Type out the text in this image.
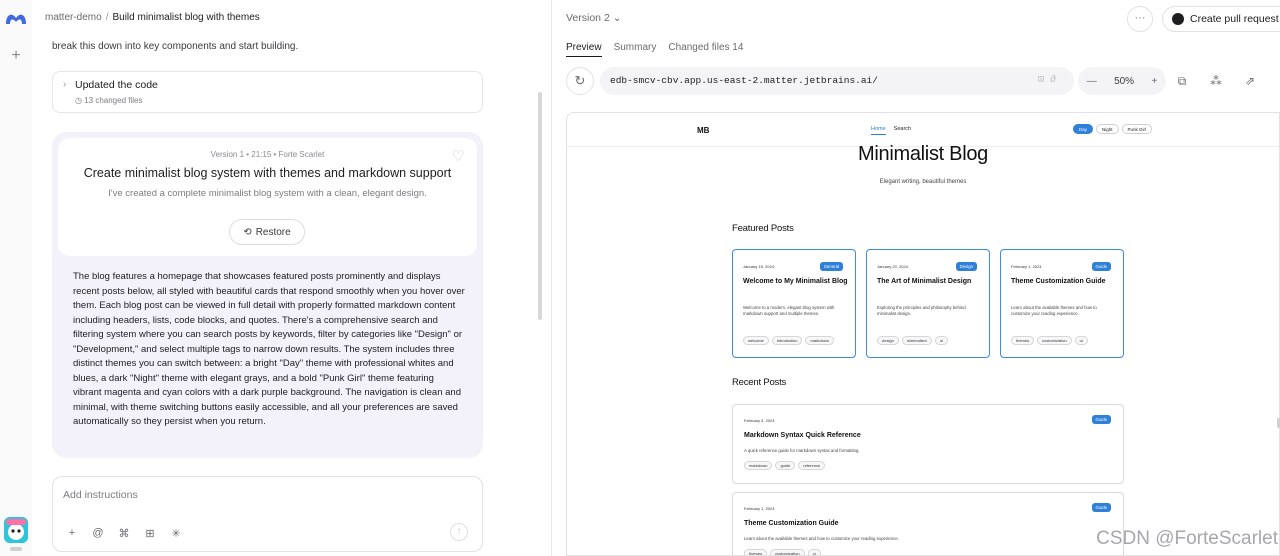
+
matter-demo / Build minimalist blog with themes
break this down into key components and start building.
› Updated the code
◷ 13 changed files
Version 1 • 21:15 • Forte Scarlet	♡
Create minimalist blog system with themes and markdown support
I've created a complete minimalist blog system with a clean, elegant design.
⟲ Restore
The blog features a homepage that showcases featured posts prominently and displays recent posts below, all styled with beautiful cards that respond smoothly when you hover over them. Each blog post can be viewed in full detail with properly formatted markdown content including headers, lists, code blocks, and quotes. There's a comprehensive search and filtering system where you can search posts by keywords, filter by categories like "Design" or "Development," and select multiple tags to narrow down results. The system includes three distinct themes you can switch between: a bright "Day" theme with professional whites and blues, a dark "Night" theme with elegant grays, and a bold "Punk Girl" theme featuring vibrant magenta and cyan colors with a dark purple background. The navigation is clean and minimal, with theme switching buttons easily accessible, and all your preferences are saved automatically so they persist when you return.
Add instructions
+	@ ⌘ ⊞ ✳	↑
Version 2 ⌄	···	Create pull request
Preview Summary Changed files 14
↻	edb-smcv-cbv.app.us-east-2.matter.jetbrains.ai/	⊡∂ — 50% +	⧉	⁂	⇗
MB	Home Search	Day	Night	Punk Girl
Minimalist Blog
Elegant writing, beautiful themes
Featured Posts
January 15, 2024	General
Welcome to My Minimalist Blog
Welcome to a modern, elegant blog system with markdown support and multiple themes.
welcome	introduction	markdown
January 20, 2024	Design
The Art of Minimalist Design
Exploring the principles and philosophy behind minimalist design.
design	minimalism	ui
February 1, 2024	Guide
Theme Customization Guide
Learn about the available themes and how to customize your reading experience.
themes	customization	ui
Recent Posts
February 5, 2024	Guide
Markdown Syntax Quick Reference
A quick reference guide for markdown syntax and formatting.
markdown	guide	reference
February 1, 2024	Guide
Theme Customization Guide
Learn about the available themes and how to customize your reading experience.
themes	customization	ui
CSDN @ForteScarlet
